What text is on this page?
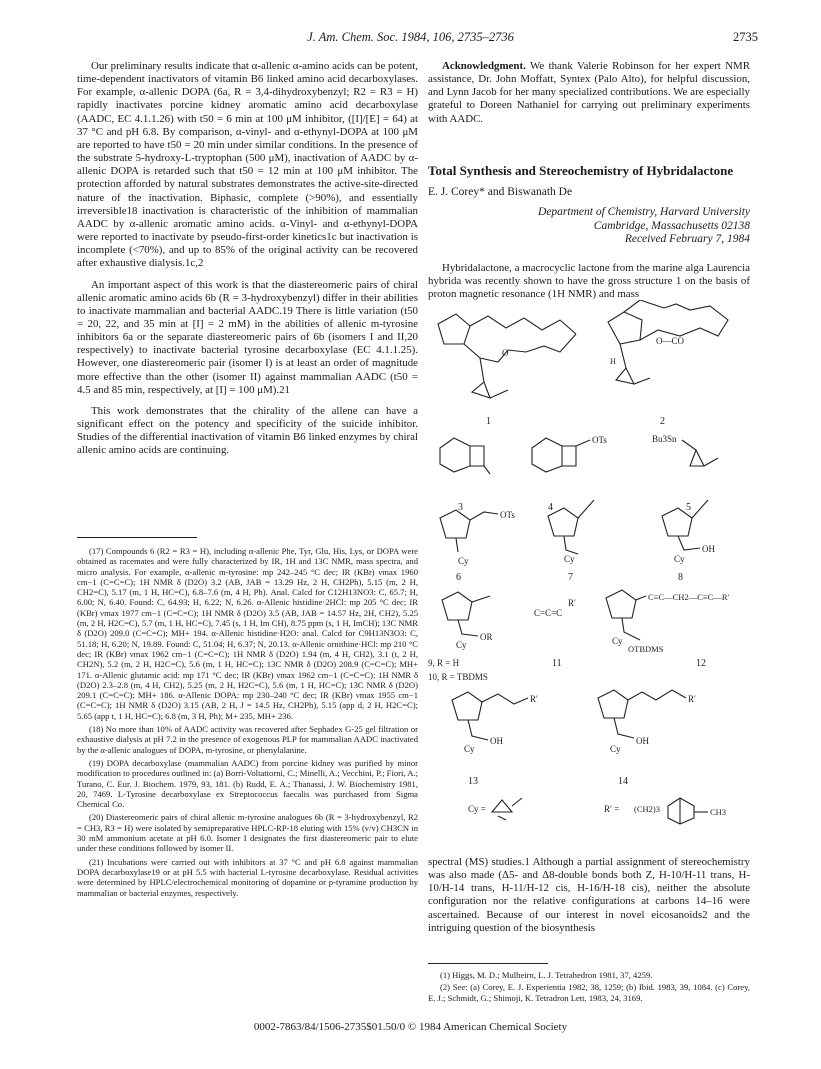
J. Am. Chem. Soc. 1984, 106, 2735–2736	2735

Our preliminary results indicate that α-allenic α-amino acids can be potent, time-dependent inactivators of vitamin B6 linked amino acid decarboxylases. For example, α-allenic DOPA (6a, R = 3,4-dihydroxybenzyl; R2 = R3 = H) rapidly inactivates porcine kidney aromatic amino acid decarboxylase (AADC, EC 4.1.1.26) with t50 = 6 min at 100 μM inhibitor, ([I]/[E] = 64) at 37 °C and pH 6.8. By comparison, α-vinyl- and α-ethynyl-DOPA at 100 μM are reported to have t50 = 20 min under similar conditions. In the presence of the substrate 5-hydroxy-L-tryptophan (500 μM), inactivation of AADC by α-allenic DOPA is retarded such that t50 = 12 min at 100 μM inhibitor. The protection afforded by natural substrates demonstrates the active-site-directed nature of the inactivation. Biphasic, complete (>90%), and essentially irreversible18 inactivation is characteristic of the inhibition of mammalian AADC by α-allenic aromatic amino acids. α-Vinyl- and α-ethynyl-DOPA were reported to inactivate by pseudo-first-order kinetics1c but inactivation is incomplete (<70%), and up to 85% of the original activity can be recovered after exhaustive dialysis.1c,2

An important aspect of this work is that the diastereomeric pairs of chiral allenic aromatic amino acids 6b (R = 3-hydroxybenzyl) differ in their abilities to inactivate mammalian and bacterial AADC.19 There is little variation (t50 = 20, 22, and 35 min at [I] = 2 mM) in the abilities of allenic m-tyrosine inhibitors 6a or the separate diastereomeric pairs of 6b (isomers I and II,20 respectively) to inactivate bacterial tyrosine decarboxylase (EC 4.1.1.25). However, one diastereomeric pair (isomer I) is at least an order of magnitude more effective than the other (isomer II) against mammalian AADC (t50 = 4.5 and 85 min, respectively, at [I] = 100 μM).21

This work demonstrates that the chirality of the allene can have a significant effect on the potency and specificity of the suicide inhibitor. Studies of the differential inactivation of vitamin B6 linked enzymes by chiral allenic amino acids are continuing.

(17) Compounds 6 (R2 = R3 = H), including α-allenic Phe, Tyr, Glu, His, Lys, or DOPA were obtained as racemates and were fully characterized by IR, 1H and 13C NMR, mass spectra, and micro analysis. For example, α-allenic m-tyrosine: mp 242–245 °C dec; IR (KBr) νmax 1960 cm−1 (C=C=C); 1H NMR δ (D2O) 3.2 (AB, JAB = 13.29 Hz, 2 H, CH2Ph), 5.15 (m, 2 H, CH2=C), 5.17 (m, 1 H, HC=C), 6.8–7.6 (m, 4 H, Ph). Anal. Calcd for C12H13NO3: C, 65.7; H, 6.00; N, 6.40. Found: C, 64.93; H, 6.22; N, 6.26. α-Allenic histidine·2HCl: mp 205 °C dec; IR (KBr) νmax 1977 cm−1 (C=C=C); 1H NMR δ (D2O) 3.5 (AB, JAB = 14.57 Hz, 2H, CH2), 5.25 (m, 2 H, H2C=C), 5.7 (m, 1 H, HC=C), 7.45 (s, 1 H, Im CH), 8.75 ppm (s, 1 H, ImCH); 13C NMR δ (D2O) 209.0 (C=C=C); MH+ 194. α-Allenic histidine·H2O: anal. Calcd for C9H13N3O3: C, 51.18; H, 6.20; N, 19.89. Found: C, 51.04; H, 6.37; N, 20.13. α-Allenic ornithine·HCl: mp 210 °C dec; IR (KBr) νmax 1962 cm−1 (C=C=C); 1H NMR δ (D2O) 1.94 (m, 4 H, CH2), 3.1 (t, 2 H, CH2N), 5.2 (m, 2 H, H2C=C), 5.6 (m, 1 H, HC=C); 13C NMR δ (D2O) 208.9 (C=C=C); MH+ 171. α-Allenic glutamic acid: mp 171 °C dec; IR (KBr) νmax 1962 cm−1 (C=C=C); 1H NMR δ (D2O) 2.3–2.8 (m, 4 H, CH2), 5.25 (m, 2 H, H2C=C), 5.6 (m, 1 H, HC=C); 13C NMR δ (D2O) 209.1 (C=C=C); MH+ 186. α-Allenic DOPA: mp 230–240 °C dec; IR (KBr) νmax 1955 cm−1 (C=C=C); 1H NMR δ (D2O) 3.15 (AB, 2 H, J = 14.5 Hz, CH2Ph), 5.15 (app d, 2 H, H2C=C); 5.65 (app t, 1 H, HC=C); 6.8 (m, 3 H, Ph); M+ 235, MH+ 236.

(18) No more than 10% of AADC activity was recovered after Sephadex G-25 gel filtration or exhaustive dialysis at pH 7.2 in the presence of exogenous PLP for mammalian AADC inactivated by the α-allenic analogues of DOPA, m-tyrosine, or phenylalanine.

(19) DOPA decarboxylase (mammalian AADC) from porcine kidney was purified by minor modification to procedures outlined in: (a) Borri-Voltattorni, C.; Minelli, A.; Vecchini, P.; Fiori, A.; Turano, C. Eur. J. Biochem. 1979, 93, 181. (b) Rudd, E. A.; Thanassi, J. W. Biochemistry 1981, 20, 7469. L-Tyrosine decarboxylase ex Streptococcus faecalis was purchased from Sigma Chemical Co.

(20) Diastereomeric pairs of chiral allenic m-tyrosine analogues 6b (R = 3-hydroxybenzyl, R2 = CH3, R3 = H) were isolated by semipreparative HPLC-RP-18 eluting with 15% (v/v) CH3CN in 30 mM ammonium acetate at pH 6.0. Isomer I designates the first diastereomeric pair to elute under these conditions followed by isomer II.

(21) Incubations were carried out with inhibitors at 37 °C and pH 6.8 against mammalian DOPA decarboxylase19 or at pH 5.5 with bacterial L-tyrosine decarboxylase. Residual activities were determined by HPLC/electrochemical monitoring of dopamine or p-tyramine production by mammalian or bacterial enzymes, respectively.

Acknowledgment. We thank Valerie Robinson for her expert NMR assistance, Dr. John Moffatt, Syntex (Palo Alto), for helpful discussion, and Lynn Jacob for her many specialized contributions. We are especially grateful to Doreen Nathaniel for carrying out preliminary experiments with AADC.

Total Synthesis and Stereochemistry of Hybridalactone
E. J. Corey* and Biswanath De
Department of Chemistry, Harvard University
Cambridge, Massachusetts 02138
Received February 7, 1984

Hybridalactone, a macrocyclic lactone from the marine alga Laurencia hybrida was recently shown to have the gross structure 1 on the basis of proton magnetic resonance (1H NMR) and mass

O
1
O—CO
H
2
3
OTs
4
Bu3Sn
5
OTs
Cy
6
Cy
7
OH
Cy
8
OR
Cy
9, R = H
10, R = TBDMS
C=C=C
R′
11
C≡C—CH2—C≡C—R′
OTBDMS
Cy
12
R′
OH
Cy
13
R′
OH
Cy
14
Cy =	R′ = (CH2)3	CH3

spectral (MS) studies.1 Although a partial assignment of stereochemistry was also made (Δ5- and Δ8-double bonds both Z, H-10/H-11 trans, H-10/H-14 trans, H-11/H-12 cis, H-16/H-18 cis), neither the absolute configuration nor the relative configurations at carbons 14–16 were ascertained. Because of our interest in novel eicosanoids2 and the intriguing question of the biosynthesis

(1) Higgs, M. D.; Mulheirn, L. J. Tetrahedron 1981, 37, 4259.

(2) See: (a) Corey, E. J. Experientia 1982, 38, 1259; (b) Ibid. 1983, 39, 1084. (c) Corey, E. J.; Schmidt, G.; Shimoji, K. Tetradron Lett. 1983, 24, 3169.

0002-7863/84/1506-2735$01.50/0 © 1984 American Chemical Society
